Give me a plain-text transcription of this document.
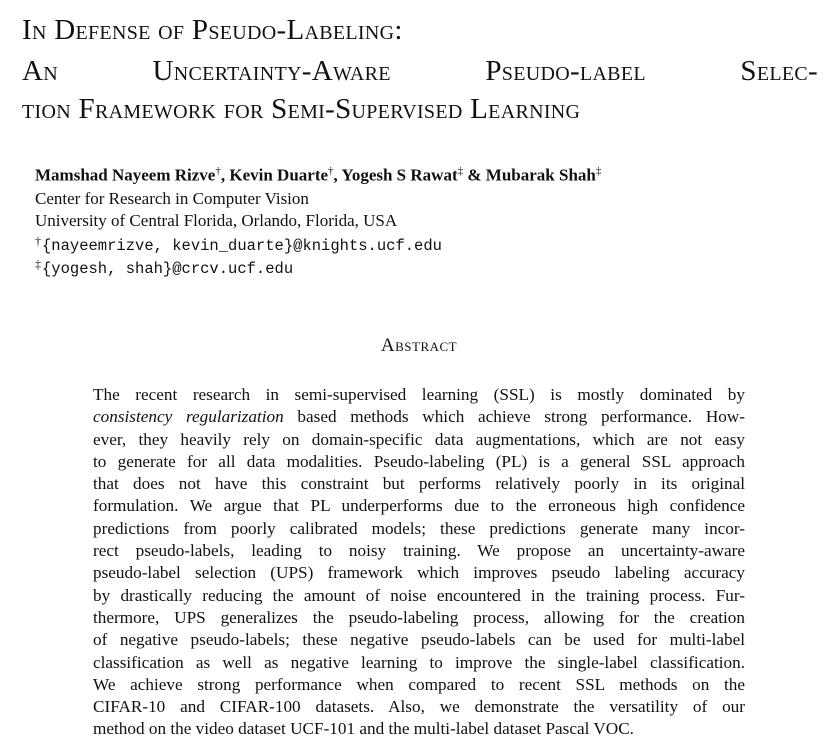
In Defense of Pseudo-Labeling:
An Uncertainty-Aware Pseudo-label Selec-
tion Framework for Semi-Supervised Learning
Mamshad Nayeem Rizve†, Kevin Duarte†, Yogesh S Rawat‡ & Mubarak Shah‡
Center for Research in Computer Vision
University of Central Florida, Orlando, Florida, USA
†{nayeemrizve, kevin_duarte}@knights.ucf.edu
‡{yogesh, shah}@crcv.ucf.edu
Abstract
The recent research in semi-supervised learning (SSL) is mostly dominated by
consistency regularization based methods which achieve strong performance. How-
ever, they heavily rely on domain-specific data augmentations, which are not easy
to generate for all data modalities. Pseudo-labeling (PL) is a general SSL approach
that does not have this constraint but performs relatively poorly in its original
formulation. We argue that PL underperforms due to the erroneous high confidence
predictions from poorly calibrated models; these predictions generate many incor-
rect pseudo-labels, leading to noisy training. We propose an uncertainty-aware
pseudo-label selection (UPS) framework which improves pseudo labeling accuracy
by drastically reducing the amount of noise encountered in the training process. Fur-
thermore, UPS generalizes the pseudo-labeling process, allowing for the creation
of negative pseudo-labels; these negative pseudo-labels can be used for multi-label
classification as well as negative learning to improve the single-label classification.
We achieve strong performance when compared to recent SSL methods on the
CIFAR-10 and CIFAR-100 datasets. Also, we demonstrate the versatility of our
method on the video dataset UCF-101 and the multi-label dataset Pascal VOC.
